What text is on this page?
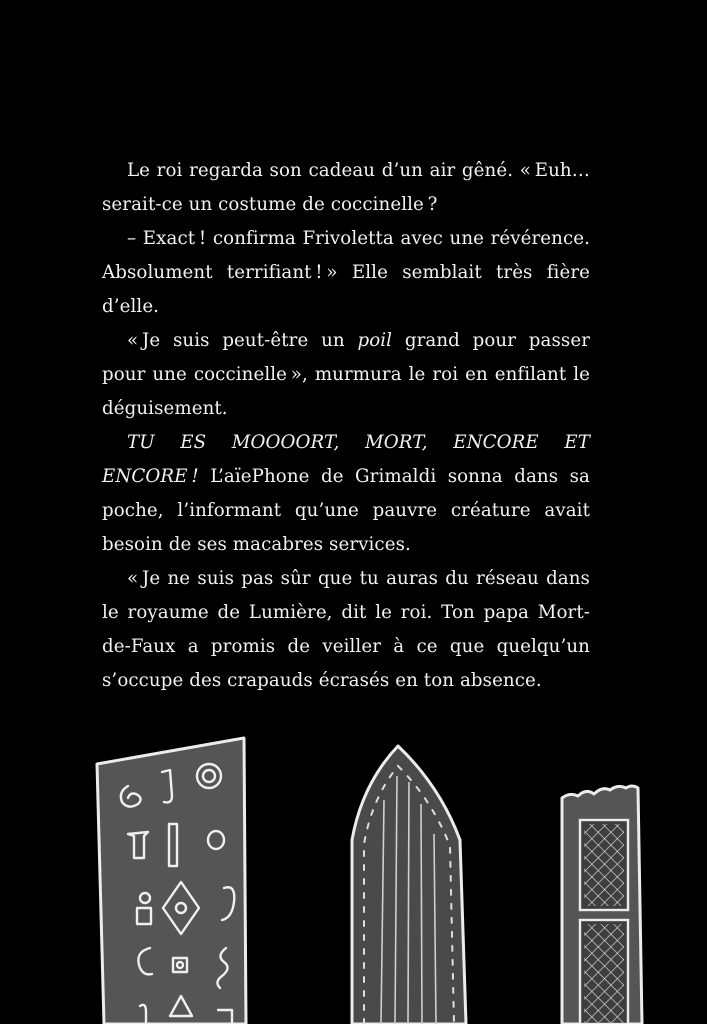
Le roi regarda son cadeau d’un air gêné. « Euh… serait-ce un costume de coccinelle ?

– Exact ! confirma Frivoletta avec une révérence. Absolument terrifiant ! » Elle semblait très fière d’elle.

« Je suis peut-être un poil grand pour passer pour une coccinelle », murmura le roi en enfilant le déguisement.

TU ES MOOOORT, MORT, ENCORE ET ENCORE ! L’aïePhone de Grimaldi sonna dans sa poche, l’informant qu’une pauvre créature avait besoin de ses macabres services.

« Je ne suis pas sûr que tu auras du réseau dans le royaume de Lumière, dit le roi. Ton papa Mort-de-Faux a promis de veiller à ce que quelqu’un s’occupe des crapauds écrasés en ton absence.
